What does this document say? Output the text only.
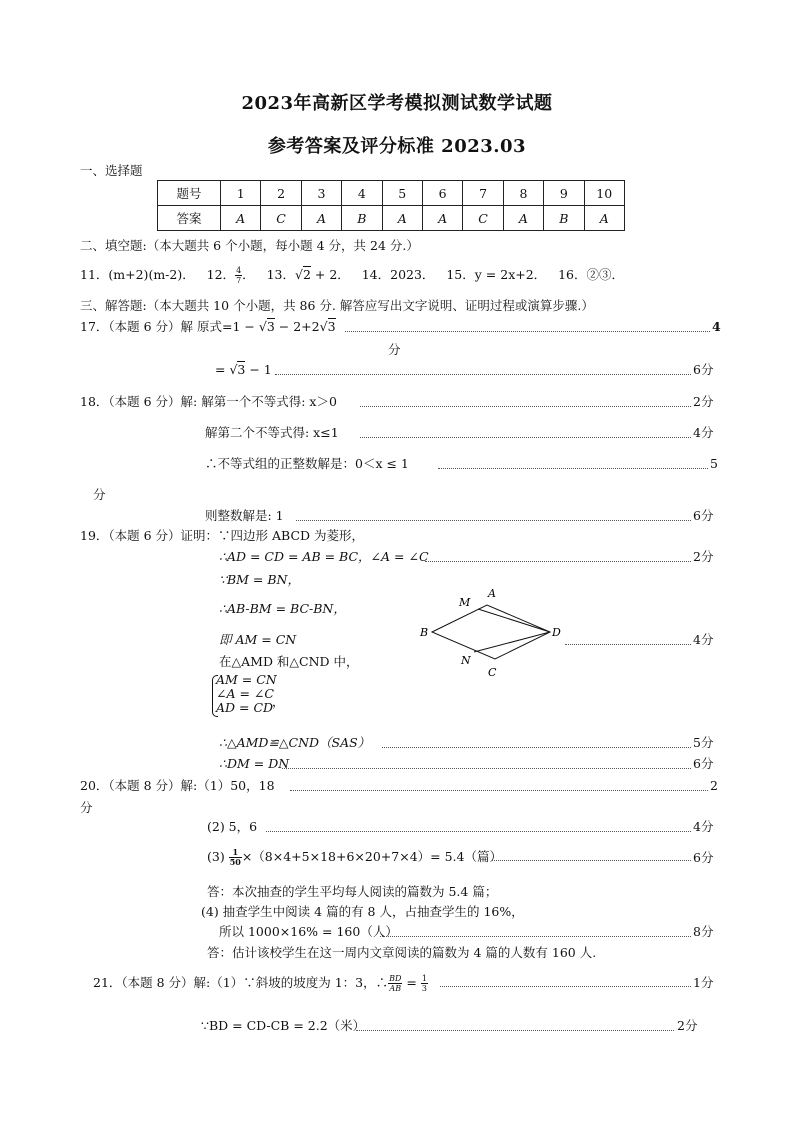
2023年高新区学考模拟测试数学试题
参考答案及评分标准 2023.03
一、选择题
题号	1	2	3	4	5	6	7	8	9	10
答案	A	C	A	B	A	A	C	A	B	A
二、填空题:（本大题共 6 个小题，每小题 4 分，共 24 分.）
11．(m+2)(m-2)． 12． $\frac{4}{7}$ ． 13．√2 + 2． 14．2023． 15．y = 2x+2． 16．②③．
三、解答题:（本大题共 10 个小题，共 86 分. 解答应写出文字说明、证明过程或演算步骤.）
17．（本题 6 分）解 原式=1 − √3 − 2+2√3	4
分
= √3 − 1	6分
18．（本题 6 分）解: 解第一个不等式得: x＞0	2分
解第二个不等式得: x≤1	4分
∴不等式组的正整数解是：0＜x ≤ 1	5
分
则整数解是: 1	6分
19．（本题 6 分）证明：∵四边形 ABCD 为菱形，
∴AD = CD = AB = BC，∠A = ∠C	2分
∵BM = BN，
∴AB-BM = BC-BN，
即 AM = CN	4分
在△AMD 和△CND 中，
AM = CN
∠A = ∠C
AD = CD
，
∴△AMD≌△CND（SAS）	5分
∴DM = DN	6分
M
A
B	D
N
C
20．（本题 8 分）解:（1）50，18	2
分
(2) 5，6	4分
$(3) \frac{1}{50} \times(8\times 4+5\times 18+6\times 20+7\times 4)= 5.4$（篇）	6分
答：本次抽查的学生平均每人阅读的篇数为 5.4 篇；
(4) 抽查学生中阅读 4 篇的有 8 人，占抽查学生的 16%，
所以 1000×16% = 160（人）	8分
答：估计该校学生在这一周内文章阅读的篇数为 4 篇的人数有 160 人.
21．（本题 8 分）解:（1）∵斜坡的坡度为 1：3，∴ $\frac{BD}{AB} = \frac{1}{3}$	1分
∵BD = CD-CB = 2.2（米）	2分
